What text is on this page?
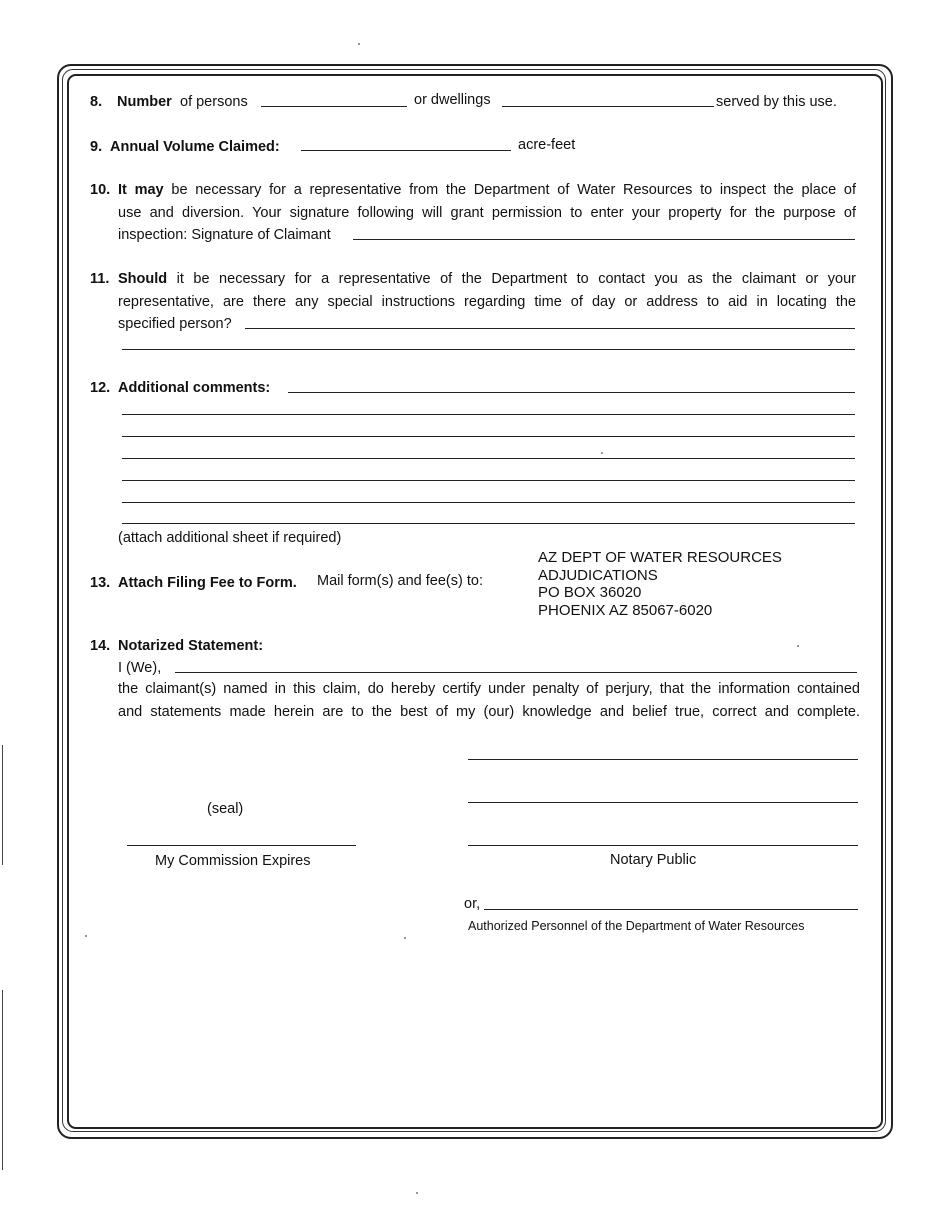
8. Number of persons	or dwellings	served by this use.
9. Annual Volume Claimed:	acre-feet
10. It may be necessary for a representative from the Department of Water Resources to inspect the place of
use and diversion. Your signature following will grant permission to enter your property for the purpose of
inspection: Signature of Claimant
11. Should it be necessary for a representative of the Department to contact you as the claimant or your
representative, are there any special instructions regarding time of day or address to aid in locating the
specified person?
12. Additional comments:
(attach additional sheet if required)
13. Attach Filing Fee to Form. Mail form(s) and fee(s) to:
AZ DEPT OF WATER RESOURCES
ADJUDICATIONS
PO BOX 36020
PHOENIX AZ 85067-6020
14. Notarized Statement:
I (We),
the claimant(s) named in this claim, do hereby certify under penalty of perjury, that the information contained
and statements made herein are to the best of my (our) knowledge and belief true, correct and complete.
(seal)
My Commission Expires	Notary Public
or,
Authorized Personnel of the Department of Water Resources
